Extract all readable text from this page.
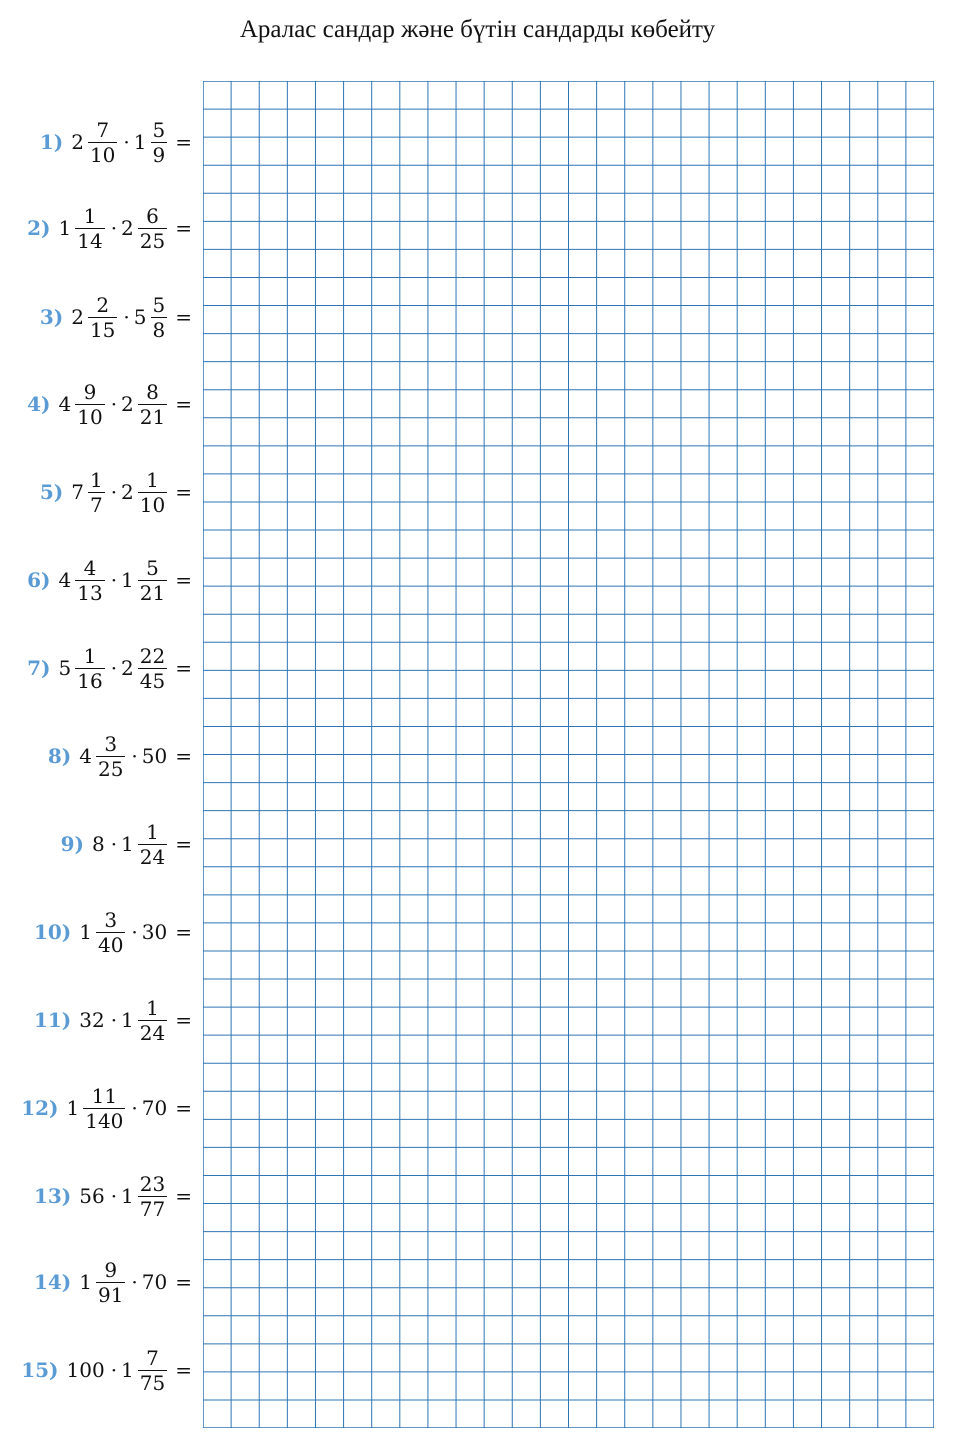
Аралас сандар және бүтін сандарды көбейту
1) $2 \frac{7}{10} \cdot 1 \frac{5}{9}$ =
2) $1 \frac{1}{14} \cdot 2 \frac{6}{25}$ =
3) $2 \frac{2}{15} \cdot 5 \frac{5}{8}$ =
4) $4 \frac{9}{10} \cdot 2 \frac{8}{21}$ =
5) $7 \frac{1}{7} \cdot 2 \frac{1}{10}$ =
6) $4 \frac{4}{13} \cdot 1 \frac{5}{21}$ =
7) $5 \frac{1}{16} \cdot 2 \frac{22}{45}$ =
8) $4 \frac{3}{25} \cdot 50$ =
9) $8 \cdot 1 \frac{1}{24}$ =
10) $1 \frac{3}{40} \cdot 30$ =
11) $32 \cdot 1 \frac{1}{24}$ =
12) $1 \frac{11}{140} \cdot 70$ =
13) $56 \cdot 1 \frac{23}{77}$ =
14) $1 \frac{9}{91} \cdot 70$ =
15) $100 \cdot 1 \frac{7}{75}$ =
